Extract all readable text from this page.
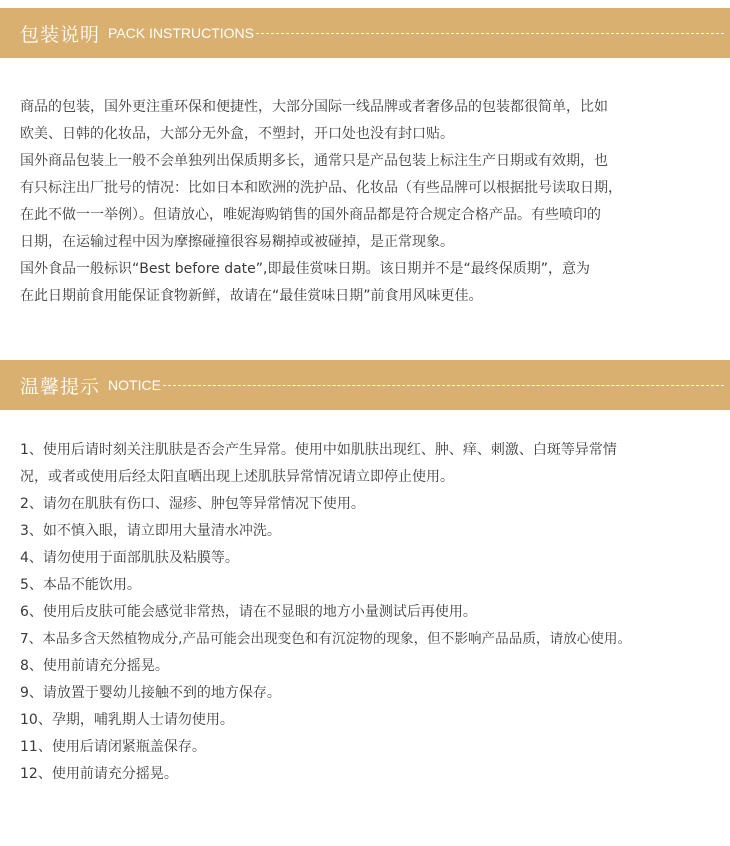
包装说明 PACK INSTRUCTIONS
商品的包装，国外更注重环保和便捷性，大部分国际一线品牌或者奢侈品的包装都很简单，比如
欧美、日韩的化妆品，大部分无外盒，不塑封，开口处也没有封口贴。
国外商品包装上一般不会单独列出保质期多长，通常只是产品包装上标注生产日期或有效期，也
有只标注出厂批号的情况：比如日本和欧洲的洗护品、化妆品（有些品牌可以根据批号读取日期，
在此不做一一举例）。但请放心，唯妮海购销售的国外商品都是符合规定合格产品。有些喷印的
日期，在运输过程中因为摩擦碰撞很容易糊掉或被碰掉，是正常现象。
国外食品一般标识“Best before date”,即最佳赏味日期。该日期并不是“最终保质期”，意为
在此日期前食用能保证食物新鲜，故请在“最佳赏味日期”前食用风味更佳。
温馨提示 NOTICE
1、使用后请时刻关注肌肤是否会产生异常。使用中如肌肤出现红、肿、痒、刺激、白斑等异常情
况，或者或使用后经太阳直晒出现上述肌肤异常情况请立即停止使用。
2、请勿在肌肤有伤口、湿疹、肿包等异常情况下使用。
3、如不慎入眼，请立即用大量清水冲洗。
4、请勿使用于面部肌肤及粘膜等。
5、本品不能饮用。
6、使用后皮肤可能会感觉非常热，请在不显眼的地方小量测试后再使用。
7、本品多含天然植物成分,产品可能会出现变色和有沉淀物的现象，但不影响产品品质，请放心使用。
8、使用前请充分摇晃。
9、请放置于婴幼儿接触不到的地方保存。
10、孕期，哺乳期人士请勿使用。
11、使用后请闭紧瓶盖保存。
12、使用前请充分摇晃。
